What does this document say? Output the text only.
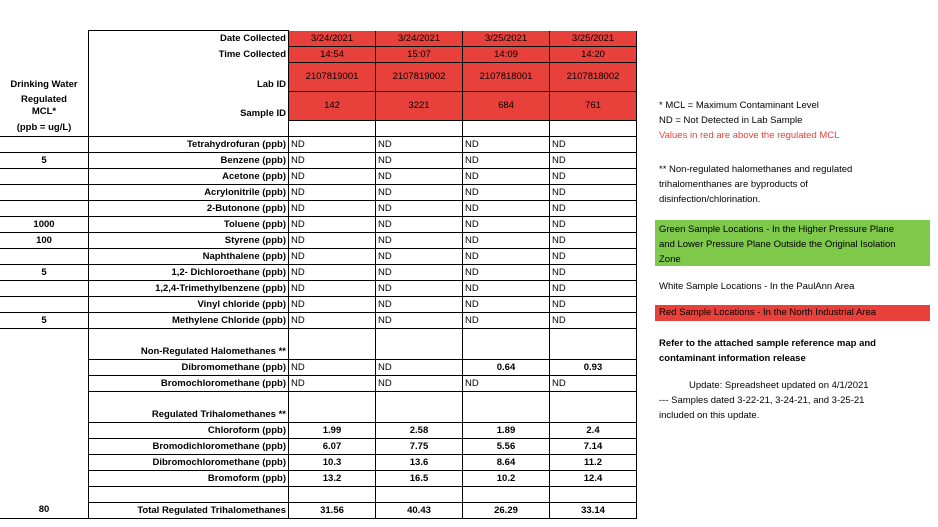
	Date Collected	3/24/2021	3/24/2021	3/25/2021	3/25/2021
	Time Collected	14:54	15:07	14:09	14:20
Drinking Water	Lab ID	2107819001	2107819002	2107818001	2107818002

Regulated
MCL*	Sample ID	142	3221	684	761
(ppb = ug/L)					
	Tetrahydrofuran (ppb)	ND	ND	ND	ND
5	Benzene (ppb)	ND	ND	ND	ND
	Acetone (ppb)	ND	ND	ND	ND
	Acrylonitrile (ppb)	ND	ND	ND	ND
	2-Butonone (ppb)	ND	ND	ND	ND
1000	Toluene (ppb)	ND	ND	ND	ND
100	Styrene (ppb)	ND	ND	ND	ND
	Naphthalene (ppb)	ND	ND	ND	ND
5	1,2- Dichloroethane (ppb)	ND	ND	ND	ND
	1,2,4-Trimethylbenzene (ppb)	ND	ND	ND	ND
	Vinyl chloride (ppb)	ND	ND	ND	ND
5	Methylene Chloride (ppb)	ND	ND	ND	ND

	Non-Regulated Halomethanes **				
	Dibromomethane (ppb)	ND	ND	0.64	0.93
	Bromochloromethane (ppb)	ND	ND	ND	ND

	Regulated Trihalomethanes **				
	Chloroform (ppb)	1.99	2.58	1.89	2.4
	Bromodichloromethane (ppb)	6.07	7.75	5.56	7.14
	Dibromochloromethane (ppb)	10.3	13.6	8.64	11.2
	Bromoform (ppb)	13.2	16.5	10.2	12.4

80	Total Regulated Trihalomethanes	31.56	40.43	26.29	33.14
* MCL = Maximum Contaminant Level
ND = Not Detected in Lab Sample
Values in red are above the regulated MCL
** Non-regulated halomethanes and regulated
trihalomenthanes are byproducts of
disinfection/chlorination.
Green Sample Locations - In the Higher Pressure Plane
and Lower Pressure Plane Outside the Original Isolation
Zone
White Sample Locations - In the PaulAnn Area
Red Sample Locations - In the North Industrial Area
Refer to the attached sample reference map and
contaminant information release
Update: Spreadsheet updated on 4/1/2021
--- Samples dated 3-22-21, 3-24-21, and 3-25-21
included on this update.
